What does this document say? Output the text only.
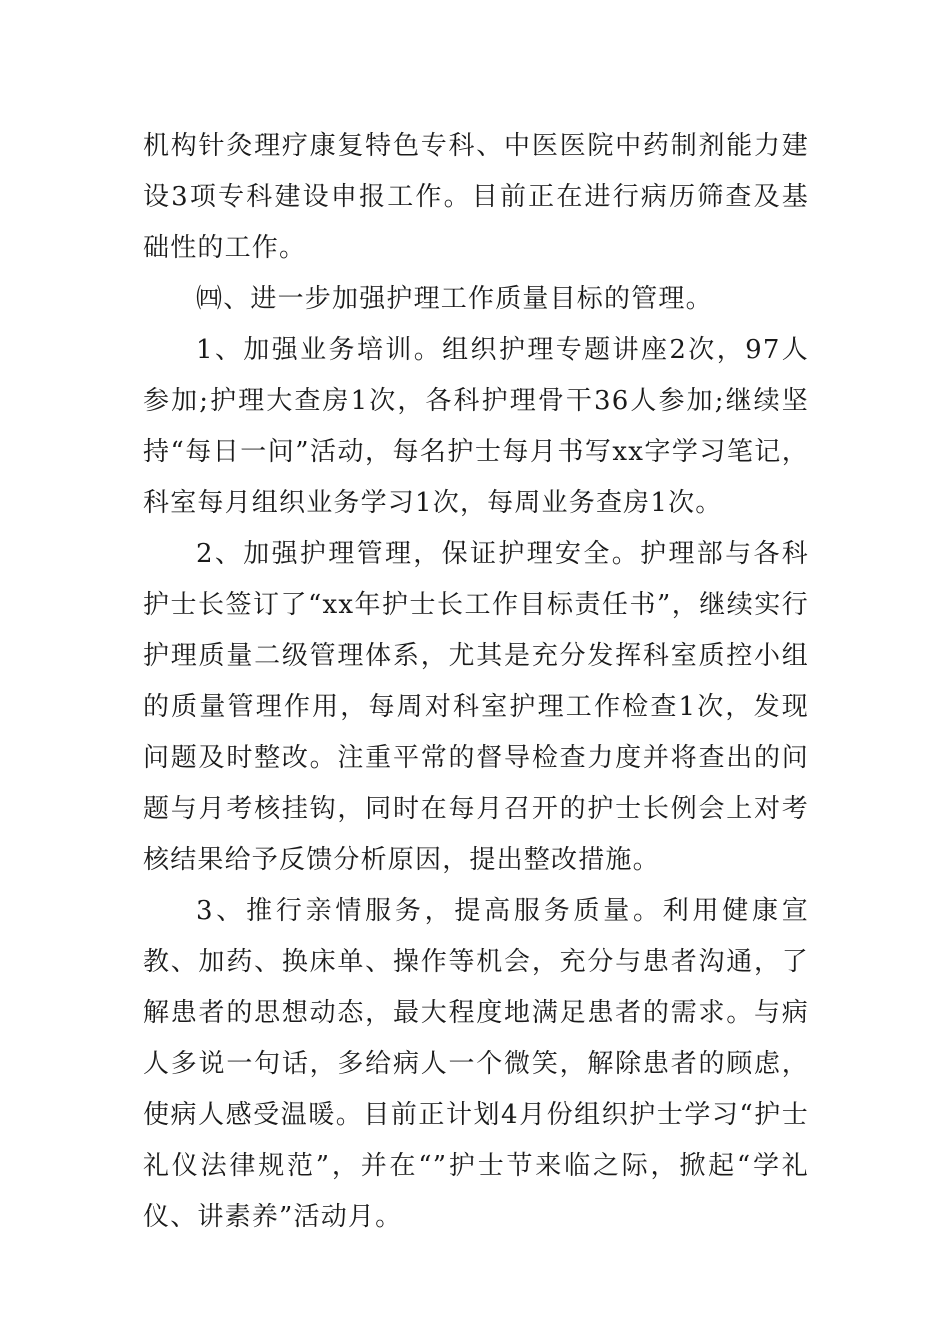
机构针灸理疗康复特色专科、中医医院中药制剂能力建设3项专科建设申报工作。目前正在进行病历筛查及基础性的工作。

㈣、进一步加强护理工作质量目标的管理。

1、加强业务培训。组织护理专题讲座2次，97人参加;护理大查房1次，各科护理骨干36人参加;继续坚持“每日一问”活动，每名护士每月书写xx字学习笔记，科室每月组织业务学习1次，每周业务查房1次。

2、加强护理管理，保证护理安全。护理部与各科护士长签订了“xx年护士长工作目标责任书”，继续实行护理质量二级管理体系，尤其是充分发挥科室质控小组的质量管理作用，每周对科室护理工作检查1次，发现问题及时整改。注重平常的督导检查力度并将查出的问题与月考核挂钩，同时在每月召开的护士长例会上对考核结果给予反馈分析原因，提出整改措施。

3、推行亲情服务，提高服务质量。利用健康宣教、加药、换床单、操作等机会，充分与患者沟通，了解患者的思想动态，最大程度地满足患者的需求。与病人多说一句话，多给病人一个微笑，解除患者的顾虑，使病人感受温暖。目前正计划4月份组织护士学习“护士礼仪法律规范”，并在“”护士节来临之际，掀起“学礼仪、讲素养”活动月。
